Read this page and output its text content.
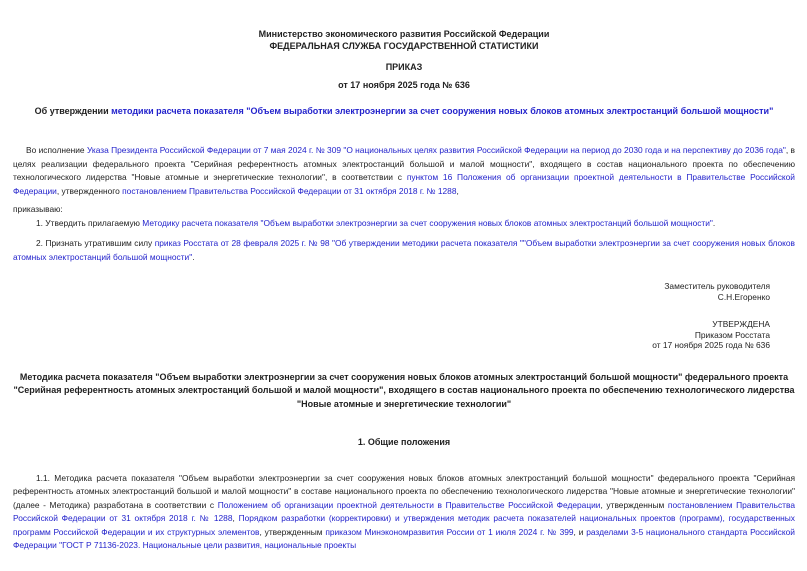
Министерство экономического развития Российской Федерации
ФЕДЕРАЛЬНАЯ СЛУЖБА ГОСУДАРСТВЕННОЙ СТАТИСТИКИ
ПРИКАЗ
от 17 ноября 2025 года № 636

Об утверждении методики расчета показателя "Объем выработки электроэнергии за счет сооружения новых блоков атомных электростанций большой мощности"

Во исполнение Указа Президента Российской Федерации от 7 мая 2024 г. № 309 "О национальных целях развития Российской Федерации на период до 2030 года и на перспективу до 2036 года", в целях реализации федерального проекта "Серийная референтность атомных электростанций большой и малой мощности", входящего в состав национального проекта по обеспечению технологического лидерства "Новые атомные и энергетические технологии", в соответствии с пунктом 16 Положения об организации проектной деятельности в Правительстве Российской Федерации, утвержденного постановлением Правительства Российской Федерации от 31 октября 2018 г. № 1288,

приказываю:

1. Утвердить прилагаемую Методику расчета показателя "Объем выработки электроэнергии за счет сооружения новых блоков атомных электростанций большой мощности".

2. Признать утратившим силу приказ Росстата от 28 февраля 2025 г. № 98 "Об утверждении методики расчета показателя ""Объем выработки электроэнергии за счет сооружения новых блоков атомных электростанций большой мощности".

Заместитель руководителя
С.Н.Егоренко
УТВЕРЖДЕНА
Приказом Росстата
от 17 ноября 2025 года № 636

Методика расчета показателя "Объем выработки электроэнергии за счет сооружения новых блоков атомных электростанций большой мощности" федерального проекта "Серийная референтность атомных электростанций большой и малой мощности", входящего в состав национального проекта по обеспечению технологического лидерства "Новые атомные и энергетические технологии"

1. Общие положения

1.1. Методика расчета показателя "Объем выработки электроэнергии за счет сооружения новых блоков атомных электростанций большой мощности" федерального проекта "Серийная референтность атомных электростанций большой и малой мощности" в составе национального проекта по обеспечению технологического лидерства "Новые атомные и энергетические технологии" (далее - Методика) разработана в соответствии с Положением об организации проектной деятельности в Правительстве Российской Федерации, утвержденным постановлением Правительства Российской Федерации от 31 октября 2018 г. № 1288, Порядком разработки (корректировки) и утверждения методик расчета показателей национальных проектов (программ), государственных программ Российской Федерации и их структурных элементов, утвержденным приказом Минэкономразвития России от 1 июля 2024 г. № 399, и разделами 3-5 национального стандарта Российской Федерации "ГОСТ Р 71136-2023. Национальные цели развития, национальные проекты
